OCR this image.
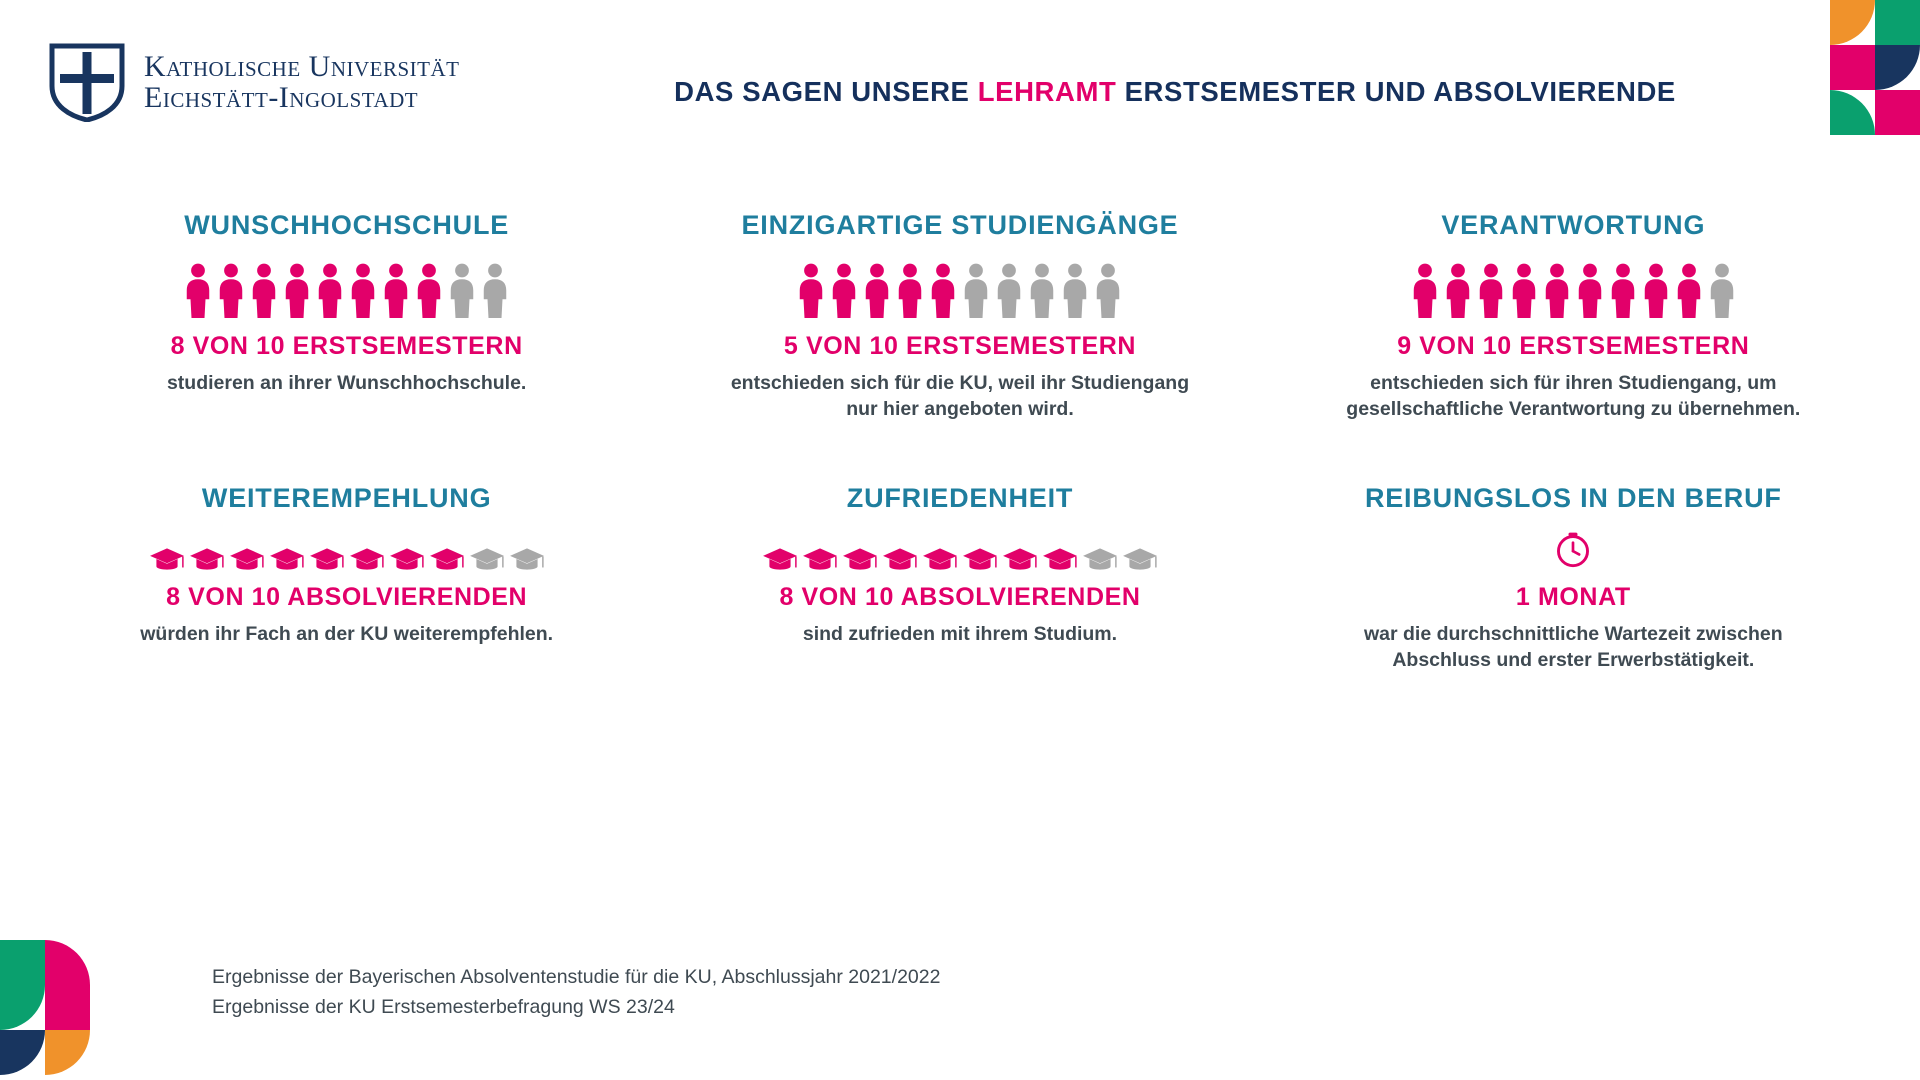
Katholische Universität
Eichstätt-Ingolstadt	DAS SAGEN UNSERE LEHRAMT ERSTSEMESTER UND ABSOLVIERENDE
WUNSCHHOCHSCHULE
8 VON 10 ERSTSEMESTERN
studieren an ihrer Wunschhochschule.
EINZIGARTIGE STUDIENGÄNGE
5 VON 10 ERSTSEMESTERN
entschieden sich für die KU, weil ihr Studiengang nur hier angeboten wird.
VERANTWORTUNG
9 VON 10 ERSTSEMESTERN
entschieden sich für ihren Studiengang, um gesellschaftliche Verantwortung zu übernehmen.
WEITEREMPEHLUNG
8 VON 10 ABSOLVIERENDEN
würden ihr Fach an der KU weiterempfehlen.
ZUFRIEDENHEIT
8 VON 10 ABSOLVIERENDEN
sind zufrieden mit ihrem Studium.
REIBUNGSLOS IN DEN BERUF
1 MONAT
war die durchschnittliche Wartezeit zwischen Abschluss und erster Erwerbstätigkeit.
Ergebnisse der Bayerischen Absolventenstudie für die KU, Abschlussjahr 2021/2022
Ergebnisse der KU Erstsemesterbefragung WS 23/24
